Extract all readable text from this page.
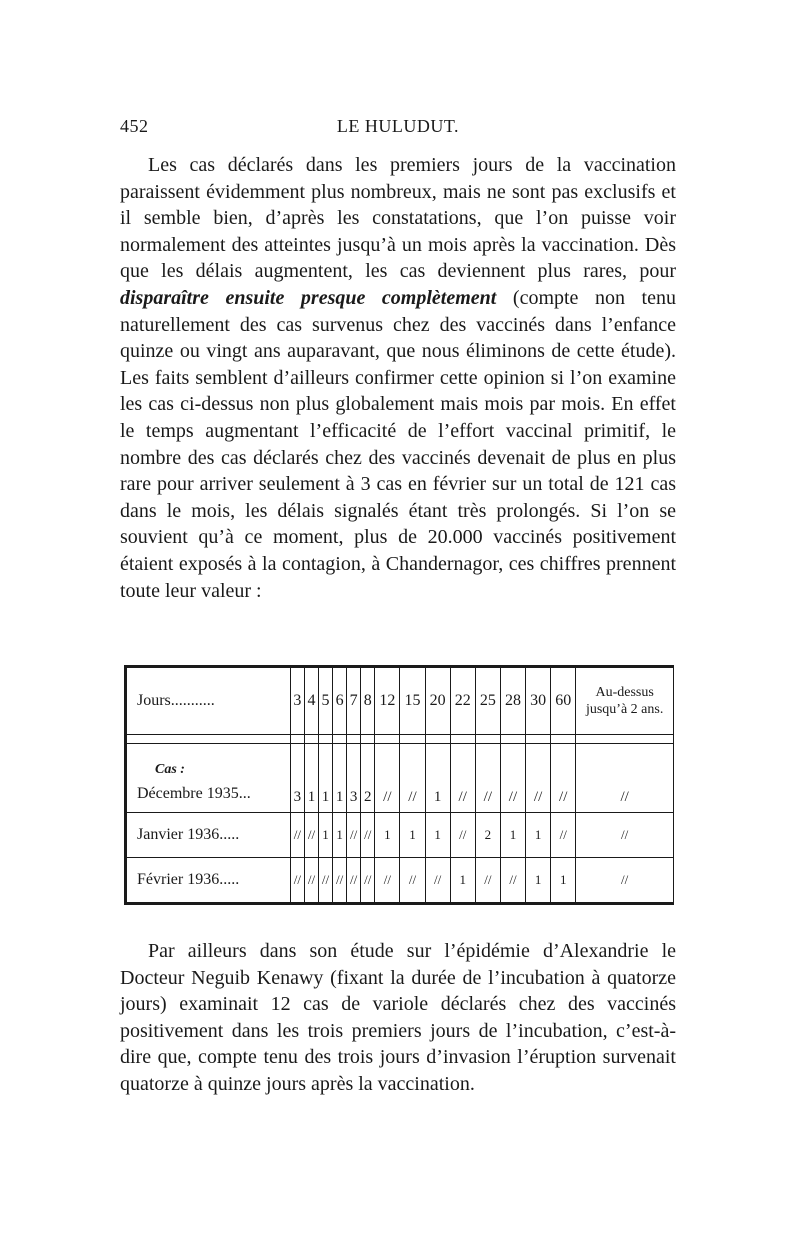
452	LE HULUDUT.

Les cas déclarés dans les premiers jours de la vaccination paraissent évidemment plus nombreux, mais ne sont pas exclusifs et il semble bien, d’après les constatations, que l’on puisse voir normalement des atteintes jusqu’à un mois après la vaccination. Dès que les délais augmentent, les cas deviennent plus rares, pour disparaître ensuite presque complètement (compte non tenu naturellement des cas survenus chez des vaccinés dans l’enfance quinze ou vingt ans auparavant, que nous éliminons de cette étude). Les faits semblent d’ailleurs confirmer cette opinion si l’on examine les cas ci-dessus non plus globalement mais mois par mois. En effet le temps augmentant l’efficacité de l’effort vaccinal primitif, le nombre des cas déclarés chez des vaccinés devenait de plus en plus rare pour arriver seulement à 3 cas en février sur un total de 121 cas dans le mois, les délais signalés étant très prolongés. Si l’on se souvient qu’à ce moment, plus de 20.000 vaccinés positivement étaient exposés à la contagion, à Chandernagor, ces chiffres prennent toute leur valeur :

Jours...........	3	4	5	6	7	8	12	15	20	22	25	28	30	60	Au-dessus jusqu’à 2 ans.

Cas :
Décembre 1935...	3	1	1	1	3	2	//	//	1	//	//	//	//	//	//
Janvier 1936.....	//	//	1	1	//	//	1	1	1	//	2	1	1	//	//
Février 1936.....	//	//	//	//	//	//	//	//	//	1	//	//	1	1	//

Par ailleurs dans son étude sur l’épidémie d’Alexandrie le Docteur Neguib Kenawy (fixant la durée de l’incubation à quatorze jours) examinait 12 cas de variole déclarés chez des vaccinés positivement dans les trois premiers jours de l’incubation, c’est-à-dire que, compte tenu des trois jours d’invasion l’éruption survenait quatorze à quinze jours après la vaccination.
